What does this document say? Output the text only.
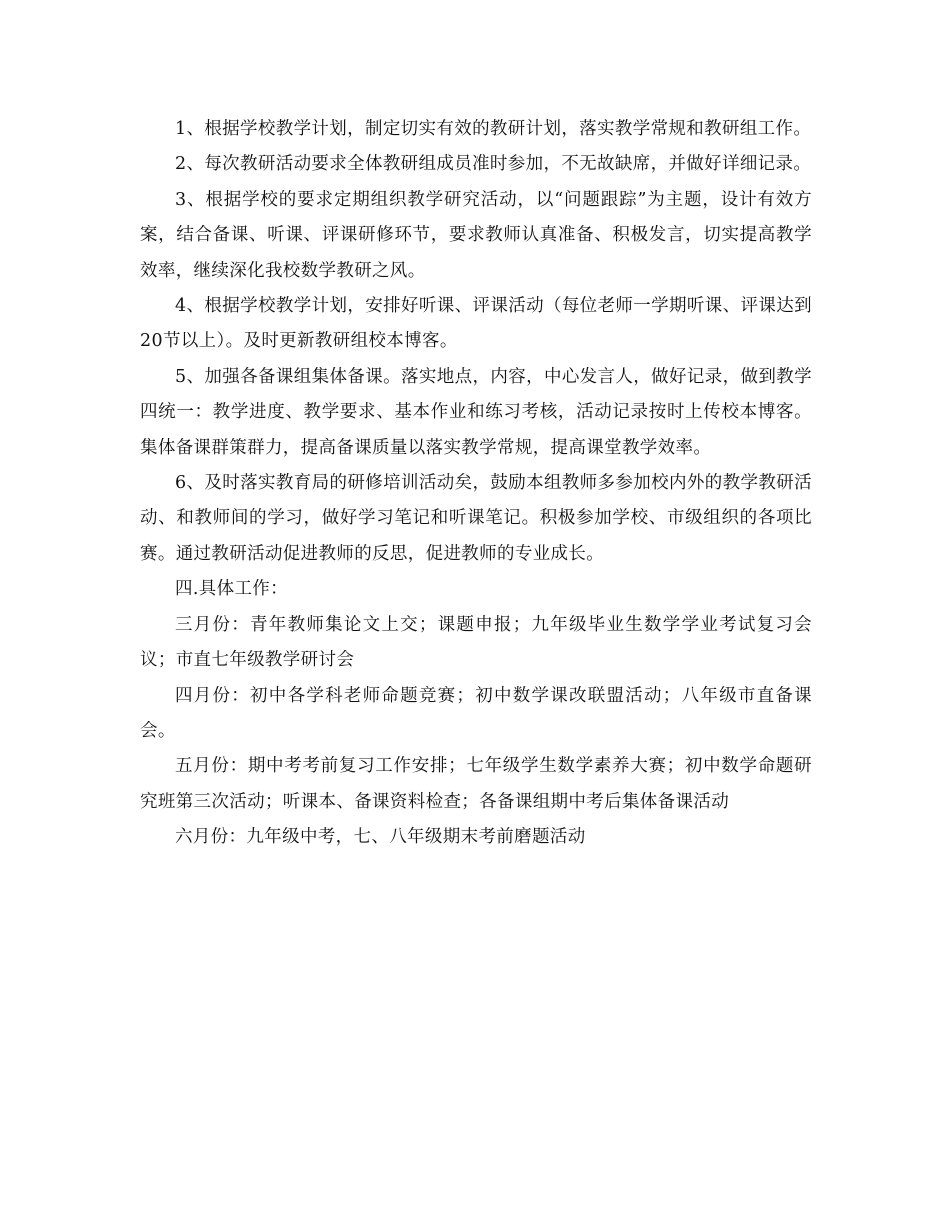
1、根据学校教学计划，制定切实有效的教研计划，落实教学常规和教研组工作。

2、每次教研活动要求全体教研组成员准时参加，不无故缺席，并做好详细记录。

3、根据学校的要求定期组织教学研究活动，以“问题跟踪”为主题，设计有效方案，结合备课、听课、评课研修环节，要求教师认真准备、积极发言，切实提高教学效率，继续深化我校数学教研之风。

4、根据学校教学计划，安排好听课、评课活动（每位老师一学期听课、评课达到20节以上）。及时更新教研组校本博客。

5、加强各备课组集体备课。落实地点，内容，中心发言人，做好记录，做到教学四统一：教学进度、教学要求、基本作业和练习考核，活动记录按时上传校本博客。集体备课群策群力，提高备课质量以落实教学常规，提高课堂教学效率。

6、及时落实教育局的研修培训活动矣，鼓励本组教师多参加校内外的教学教研活动、和教师间的学习，做好学习笔记和听课笔记。积极参加学校、市级组织的各项比赛。通过教研活动促进教师的反思，促进教师的专业成长。

四.具体工作：

三月份：青年教师集论文上交；课题申报；九年级毕业生数学学业考试复习会议；市直七年级教学研讨会

四月份：初中各学科老师命题竞赛；初中数学课改联盟活动；八年级市直备课会。

五月份：期中考考前复习工作安排；七年级学生数学素养大赛；初中数学命题研究班第三次活动；听课本、备课资料检查；各备课组期中考后集体备课活动

六月份：九年级中考，七、八年级期末考前磨题活动
